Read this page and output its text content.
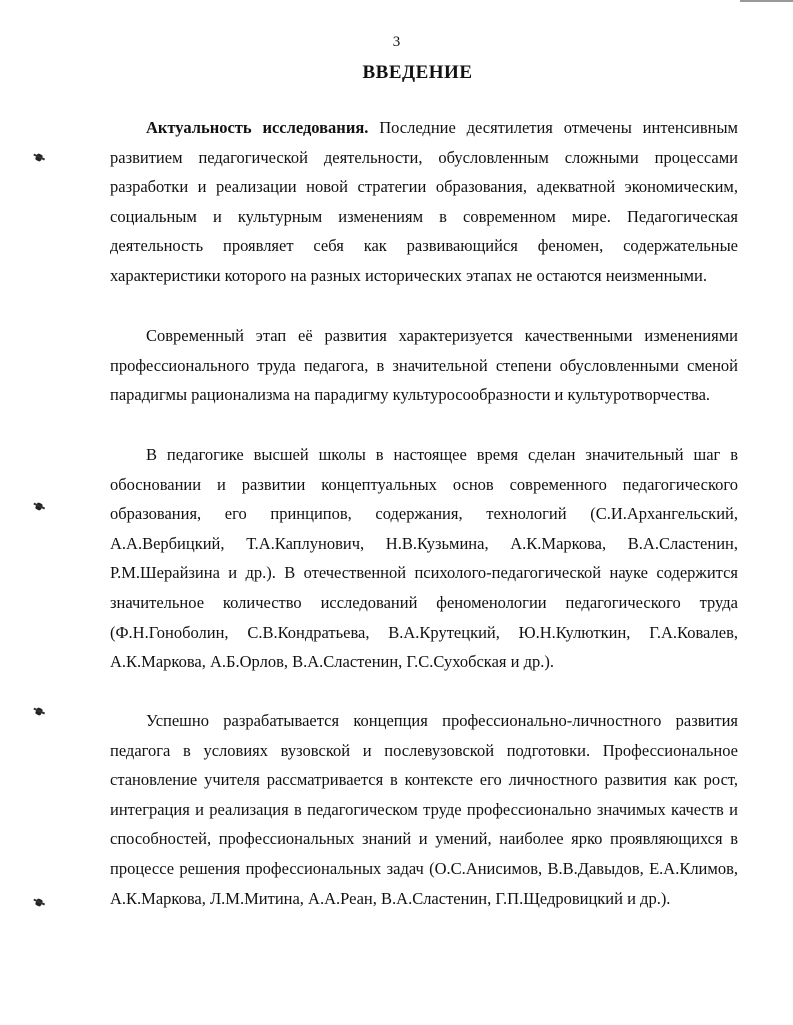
3
ВВЕДЕНИЕ

Актуальность исследования. Последние десятилетия отмечены интенсивным развитием педагогической деятельности, обусловленным сложными процессами разработки и реализации новой стратегии образования, адекватной экономическим, социальным и культурным изменениям в современном мире. Педагогическая деятельность проявляет себя как развивающийся феномен, содержательные характеристики которого на разных исторических этапах не остаются неизменными.

Современный этап её развития характеризуется качественными изменениями профессионального труда педагога, в значительной степени обусловленными сменой парадигмы рационализма на парадигму культуросообразности и культуротворчества.

В педагогике высшей школы в настоящее время сделан значительный шаг в обосновании и развитии концептуальных основ современного педагогического образования, его принципов, содержания, технологий (С.И.Архангельский, А.А.Вербицкий, Т.А.Каплунович, Н.В.Кузьмина, А.К.Маркова, В.А.Сластенин, Р.М.Шерайзина и др.). В отечественной психолого-педагогической науке содержится значительное количество исследований феноменологии педагогического труда (Ф.Н.Гоноболин, С.В.Кондратьева, В.А.Крутецкий, Ю.Н.Кулюткин, Г.А.Ковалев, А.К.Маркова, А.Б.Орлов, В.А.Сластенин, Г.С.Сухобская и др.).

Успешно разрабатывается концепция профессионально-личностного развития педагога в условиях вузовской и послевузовской подготовки. Профессиональное становление учителя рассматривается в контексте его личностного развития как рост, интеграция и реализация в педагогическом труде профессионально значимых качеств и способностей, профессиональных знаний и умений, наиболее ярко проявляющихся в процессе решения профессиональных задач (О.С.Анисимов, В.В.Давыдов, Е.А.Климов, А.К.Маркова, Л.М.Митина, А.А.Реан, В.А.Сластенин, Г.П.Щедровицкий и др.).
